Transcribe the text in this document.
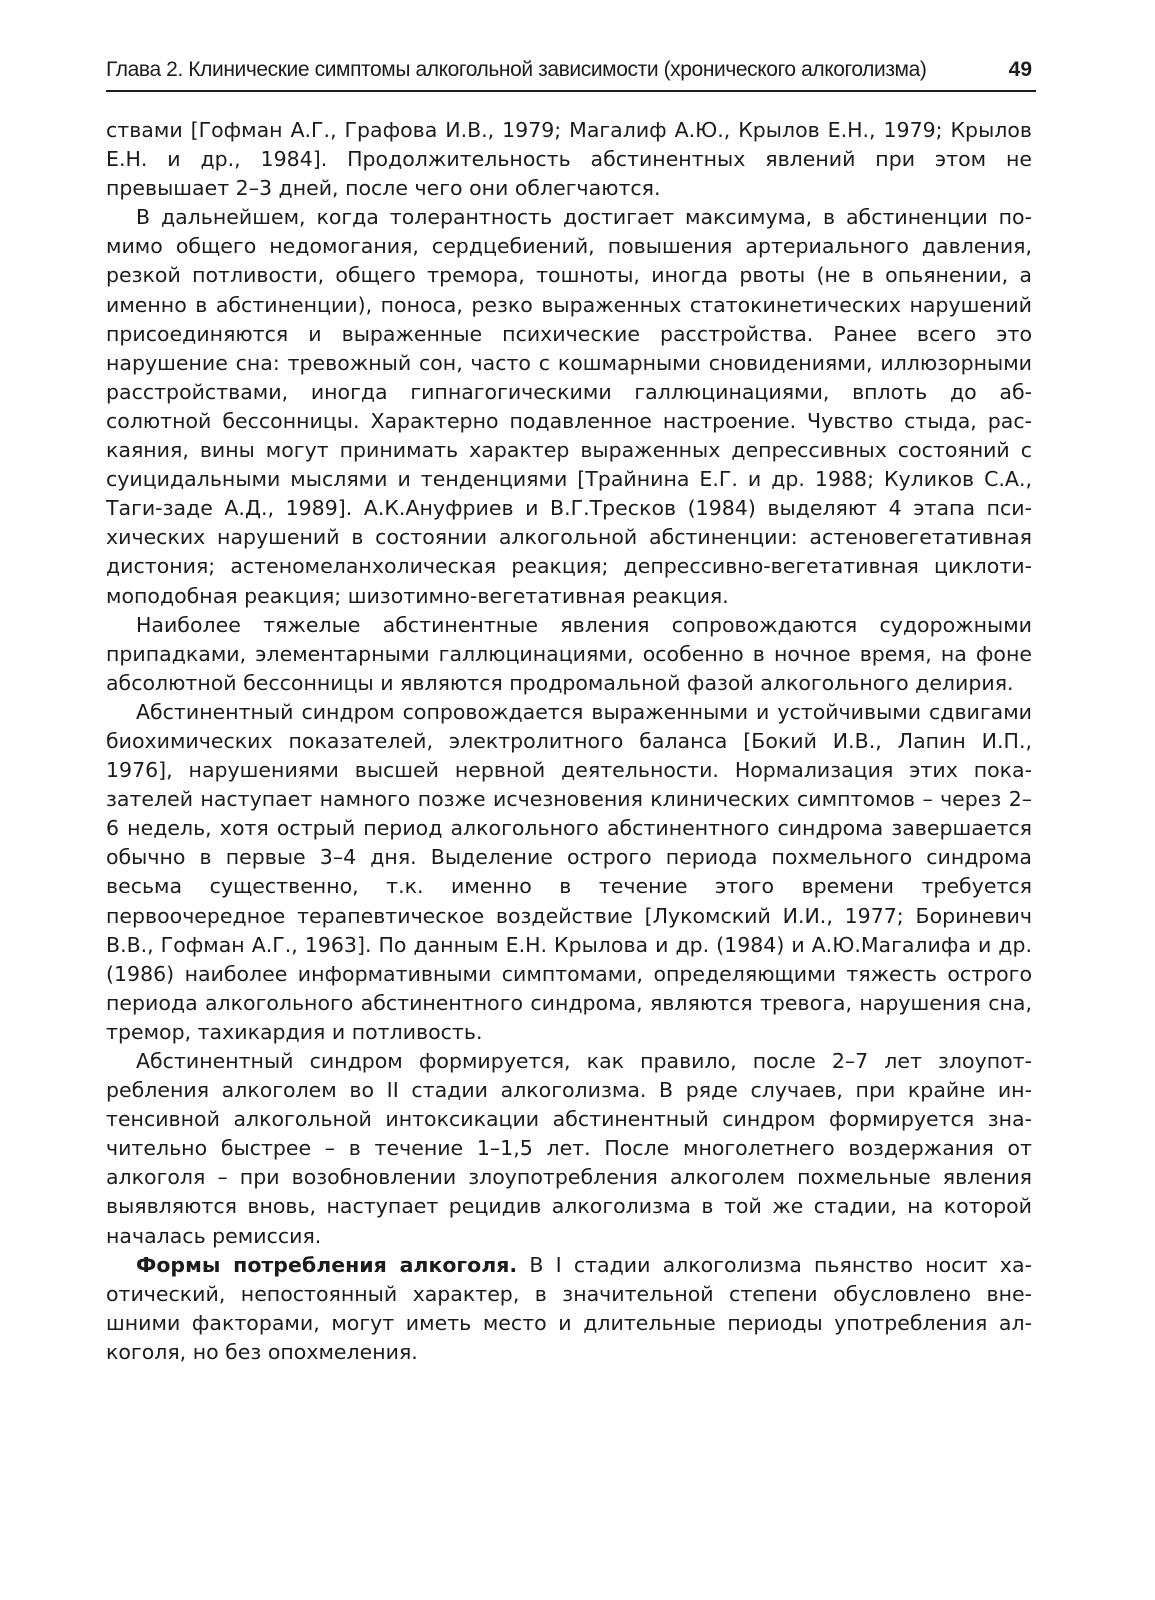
Глава 2. Клинические симптомы алкогольной зависимости (хронического алкоголизма)	49

ствами [Гофман А.Г., Графова И.В., 1979; Магалиф А.Ю., Крылов Е.Н., 1979; Крылов Е.Н. и др., 1984]. Продолжительность абстинентных явлений при этом не превышает 2–3 дней, после чего они облегчаются.

В дальнейшем, когда толерантность достигает максимума, в абстиненции помимо общего недомогания, сердцебиений, повышения артериального давления, резкой потливости, общего тремора, тошноты, иногда рвоты (не в опьянении, а именно в абстиненции), поноса, резко выраженных статокинетических нарушений присоединяются и выраженные психические расстройства. Ранее всего это нарушение сна: тревожный сон, часто с кошмарными сновидениями, иллюзорными расстройствами, иногда гипнагогическими галлюцинациями, вплоть до абсолютной бессонницы. Характерно подавленное настроение. Чувство стыда, раскаяния, вины могут принимать характер выраженных депрессивных состояний с суицидальными мыслями и тенденциями [Трайнина Е.Г. и др. 1988; Куликов С.А., Таги-заде А.Д., 1989]. А.К.Ануфриев и В.Г.Тресков (1984) выделяют 4 этапа психических нарушений в состоянии алкогольной абстиненции: астеновегетативная дистония; астеномеланхолическая реакция; депрессивно-вегетативная циклотимоподобная реакция; шизотимно-вегетативная реакция.

Наиболее тяжелые абстинентные явления сопровождаются судорожными припадками, элементарными галлюцинациями, особенно в ночное время, на фоне абсолютной бессонницы и являются продромальной фазой алкогольного делирия.

Абстинентный синдром сопровождается выраженными и устойчивыми сдвигами биохимических показателей, электролитного баланса [Бокий И.В., Лапин И.П., 1976], нарушениями высшей нервной деятельности. Нормализация этих показателей наступает намного позже исчезновения клинических симптомов – через 2–6 недель, хотя острый период алкогольного абстинентного синдрома завершается обычно в первые 3–4 дня. Выделение острого периода похмельного синдрома весьма существенно, т.к. именно в течение этого времени требуется первоочередное терапевтическое воздействие [Лукомский И.И., 1977; Бориневич В.В., Гофман А.Г., 1963]. По данным Е.Н. Крылова и др. (1984) и А.Ю.Магалифа и др. (1986) наиболее информативными симптомами, определяющими тяжесть острого периода алкогольного абстинентного синдрома, являются тревога, нарушения сна, тремор, тахикардия и потливость.

Абстинентный синдром формируется, как правило, после 2–7 лет злоупотребления алкоголем во II стадии алкоголизма. В ряде случаев, при крайне интенсивной алкогольной интоксикации абстинентный синдром формируется значительно быстрее – в течение 1–1,5 лет. После многолетнего воздержания от алкоголя – при возобновлении злоупотребления алкоголем похмельные явления выявляются вновь, наступает рецидив алкоголизма в той же стадии, на которой началась ремиссия.

Формы потребления алкоголя. В I стадии алкоголизма пьянство носит хаотический, непостоянный характер, в значительной степени обусловлено внешними факторами, могут иметь место и длительные периоды употребления алкоголя, но без опохмеления.
